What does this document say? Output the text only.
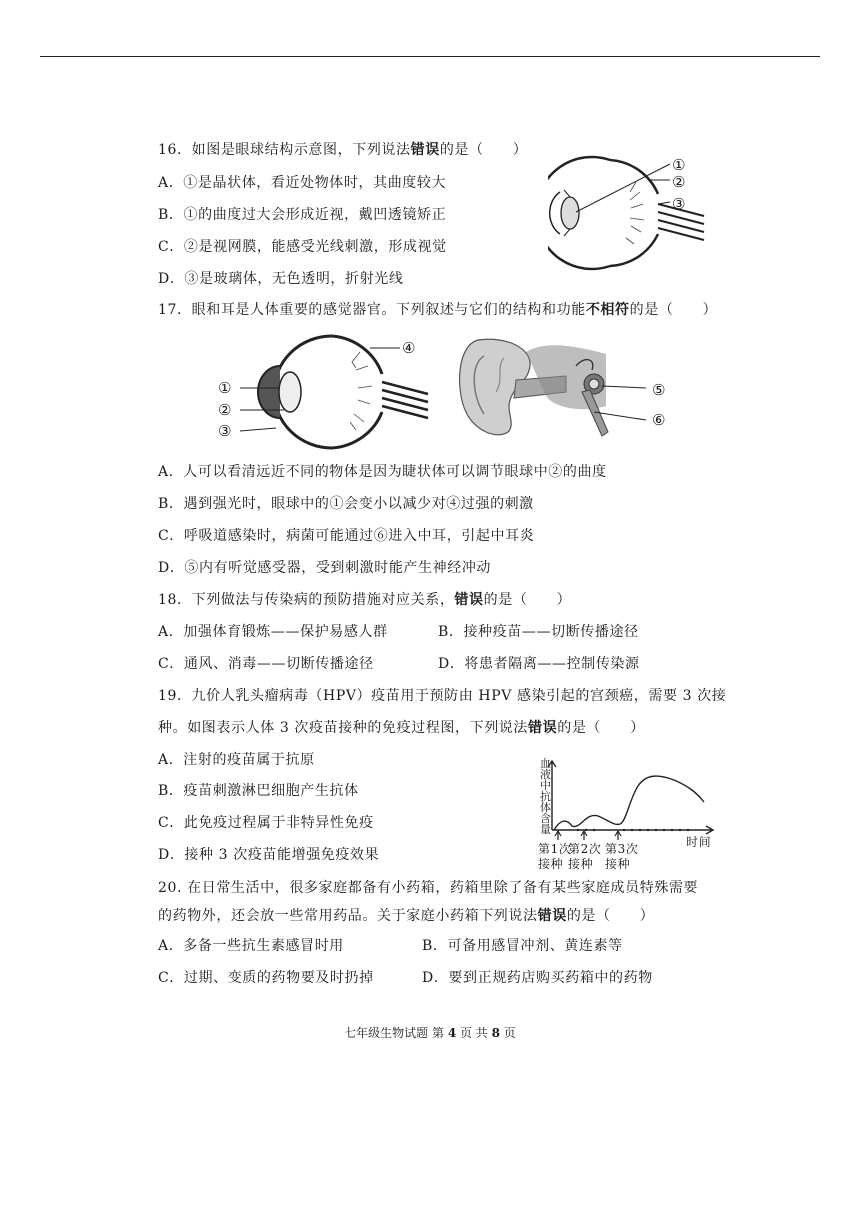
16．如图是眼球结构示意图，下列说法错误的是（　　）
A．①是晶状体，看近处物体时，其曲度较大
B．①的曲度过大会形成近视，戴凹透镜矫正
C．②是视网膜，能感受光线刺激，形成视觉
D．③是玻璃体，无色透明，折射光线
①
②
③
17．眼和耳是人体重要的感觉器官。下列叙述与它们的结构和功能不相符的是（　　）
①
②
③
④
⑤
⑥
A．人可以看清远近不同的物体是因为睫状体可以调节眼球中②的曲度
B．遇到强光时，眼球中的①会变小以减少对④过强的刺激
C．呼吸道感染时，病菌可能通过⑥进入中耳，引起中耳炎
D．⑤内有听觉感受器，受到刺激时能产生神经冲动
18．下列做法与传染病的预防措施对应关系，错误的是（　　）
A．加强体育锻炼——保护易感人群	B．接种疫苗——切断传播途径
C．通风、消毒——切断传播途径	D．将患者隔离——控制传染源
19．九价人乳头瘤病毒（HPV）疫苗用于预防由 HPV 感染引起的宫颈癌，需要 3 次接
种。如图表示人体 3 次疫苗接种的免疫过程图，下列说法错误的是（　　）
A．注射的疫苗属于抗原
B．疫苗刺激淋巴细胞产生抗体
C．此免疫过程属于非特异性免疫
D．接种 3 次疫苗能增强免疫效果
血液中抗体含量
时间
第1次
接种
第2次
接种
第3次
接种
20. 在日常生活中，很多家庭都备有小药箱，药箱里除了备有某些家庭成员特殊需要
的药物外，还会放一些常用药品。关于家庭小药箱下列说法错误的是（　　）
A．多备一些抗生素感冒时用	B．可备用感冒冲剂、黄连素等
C．过期、变质的药物要及时扔掉	D．要到正规药店购买药箱中的药物
七年级生物试题 第 4 页 共 8 页
